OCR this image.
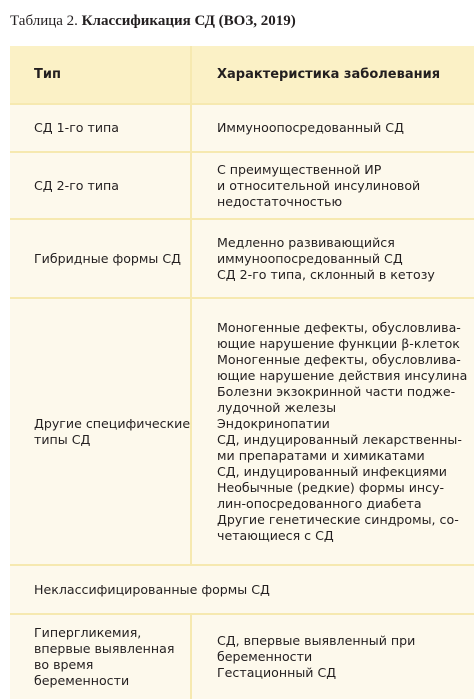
Таблица 2. Классификация СД (ВОЗ, 2019)
Тип	Характеристика заболевания
СД 1-го типа	Иммуноопосредованный СД
СД 2-го типа
С преимущественной ИР
и относительной инсулиновой
недостаточностью
Гибридные формы СД
Медленно развивающийся
иммуноопосредованный СД
СД 2-го типа, склонный в кетозу
Другие специфические
типы СД
Моногенные дефекты, обусловлива-
ющие нарушение функции β-клеток
Моногенные дефекты, обусловлива-
ющие нарушение действия инсулина
Болезни экзокринной части подже-
лудочной железы
Эндокринопатии
СД, индуцированный лекарственны-
ми препаратами и химикатами
СД, индуцированный инфекциями
Необычные (редкие) формы инсу-
лин-опосредованного диабета
Другие генетические синдромы, со-
четающиеся с СД
Неклассифицированные формы СД
Гипергликемия,
впервые выявленная
во время
беременности
СД, впервые выявленный при
беременности
Гестационный СД
